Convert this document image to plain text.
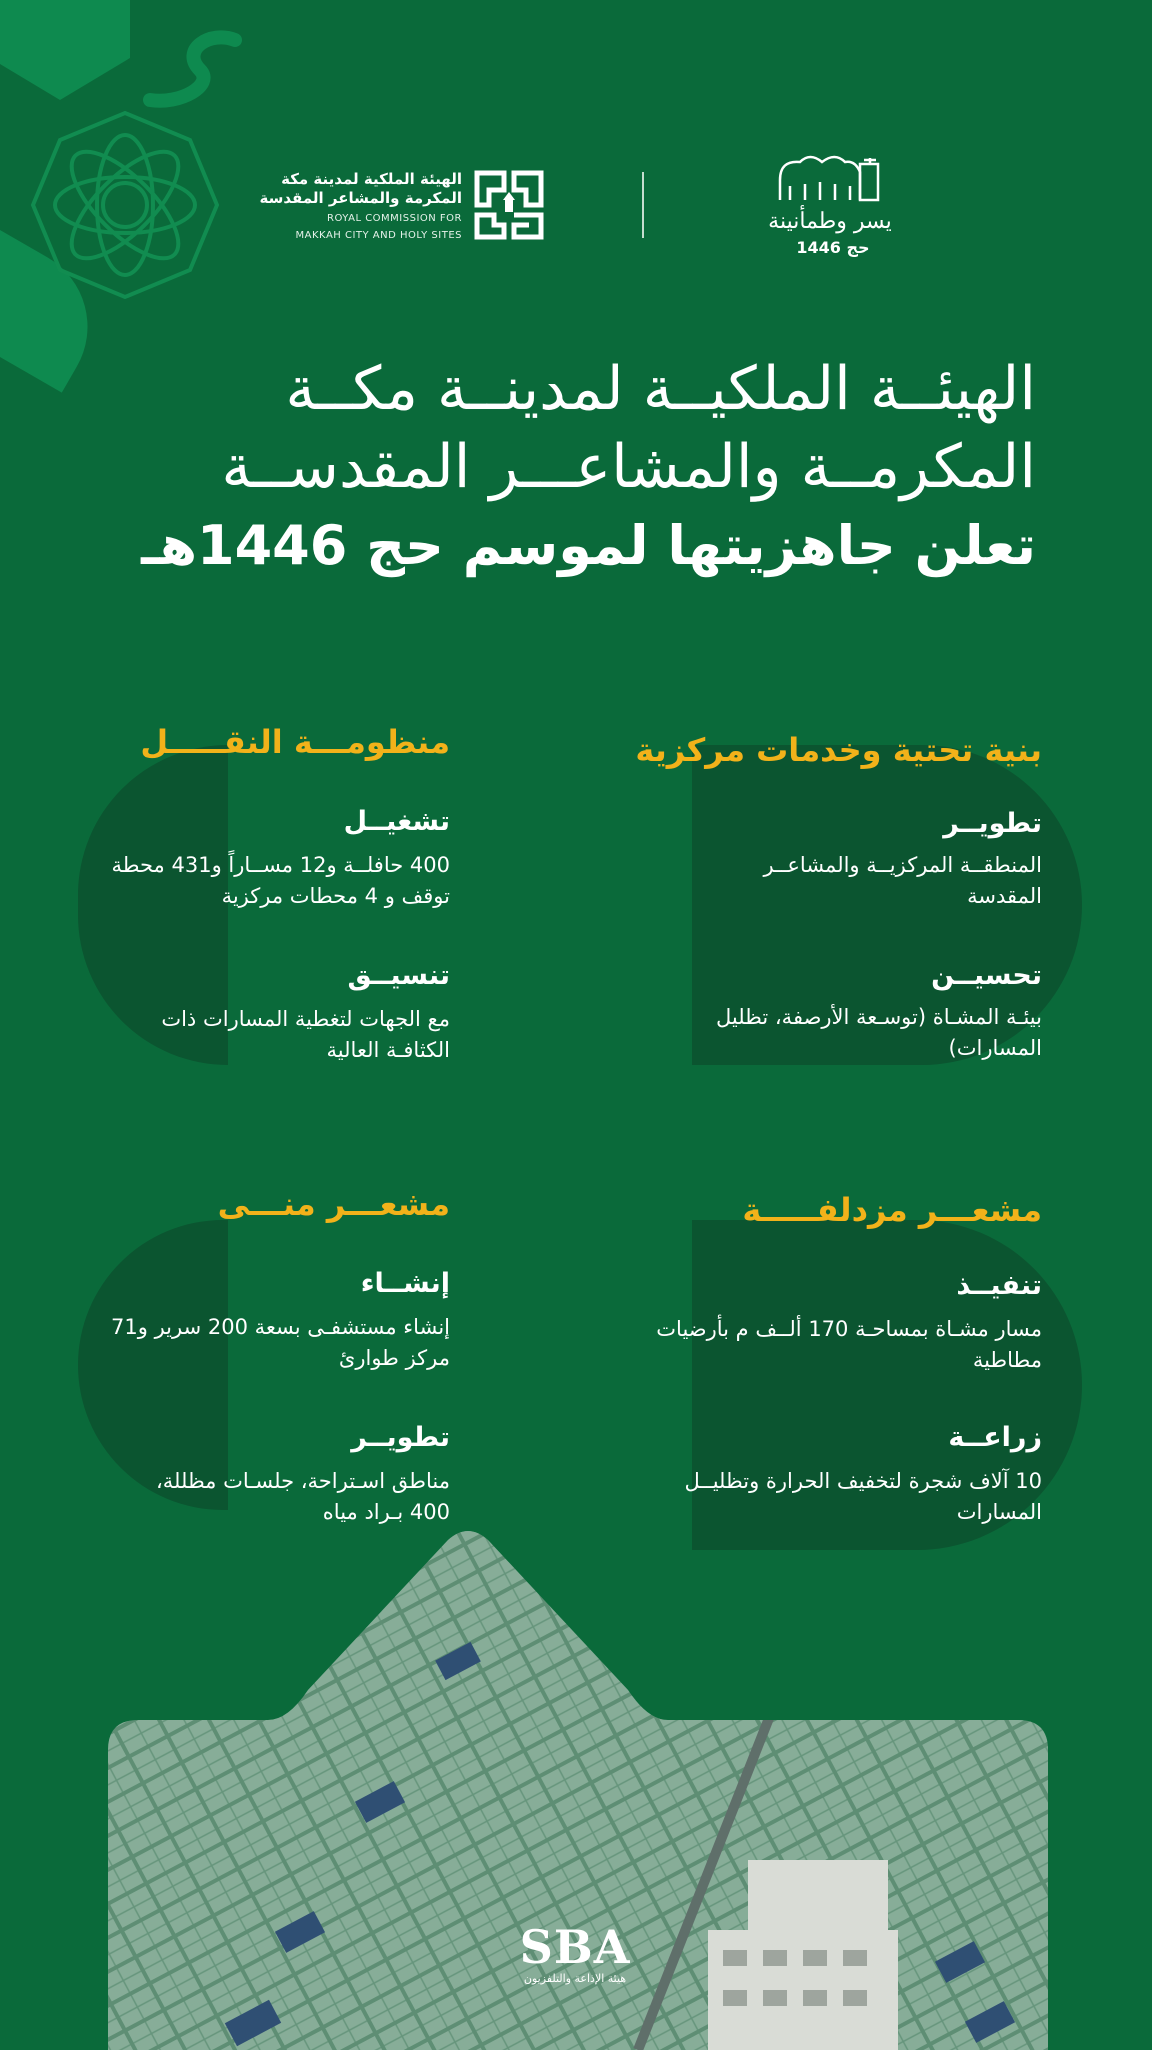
الهيئة الملكية لمدينة مكة
المكرمة والمشاعر المقدسة
ROYAL COMMISSION FOR
MAKKAH CITY AND HOLY SITES
يسر وطمأنينة
حج 1446
الهيئــة الملكيــة لمدينــة مكــة
المكرمــة والمشاعـــر المقدســة
تعلن جاهزيتها لموسم حج 1446هـ
بنية تحتية وخدمات مركزية
تطويــر
المنطقــة المركزيــة والمشاعــر المقدسة
تحسيــن
بيئـة المشـاة (توسـعة الأرصفة، تظليل المسارات)
منظومـــة النقـــــل
تشغيــل
400 حافلــة و12 مســاراً و431 محطة توقف و 4 محطات مركزية
تنسيــق
مع الجهات لتغطية المسارات ذات الكثافـة العالية
مشعـــر مزدلفـــــة
تنفيــذ
مسار مشـاة بمساحـة 170 ألــف م بأرضيات مطاطية
زراعــة
10 آلاف شجرة لتخفيف الحرارة وتظليــل المسارات
مشعـــر منـــى
إنشــاء
إنشاء مستشفـى بسعة 200 سرير و71 مركز طوارئ
تطويــر
مناطق اسـتراحة، جلسـات مظللة، 400 بـراد مياه
SBA
هيئة الإذاعة والتلفزيون
